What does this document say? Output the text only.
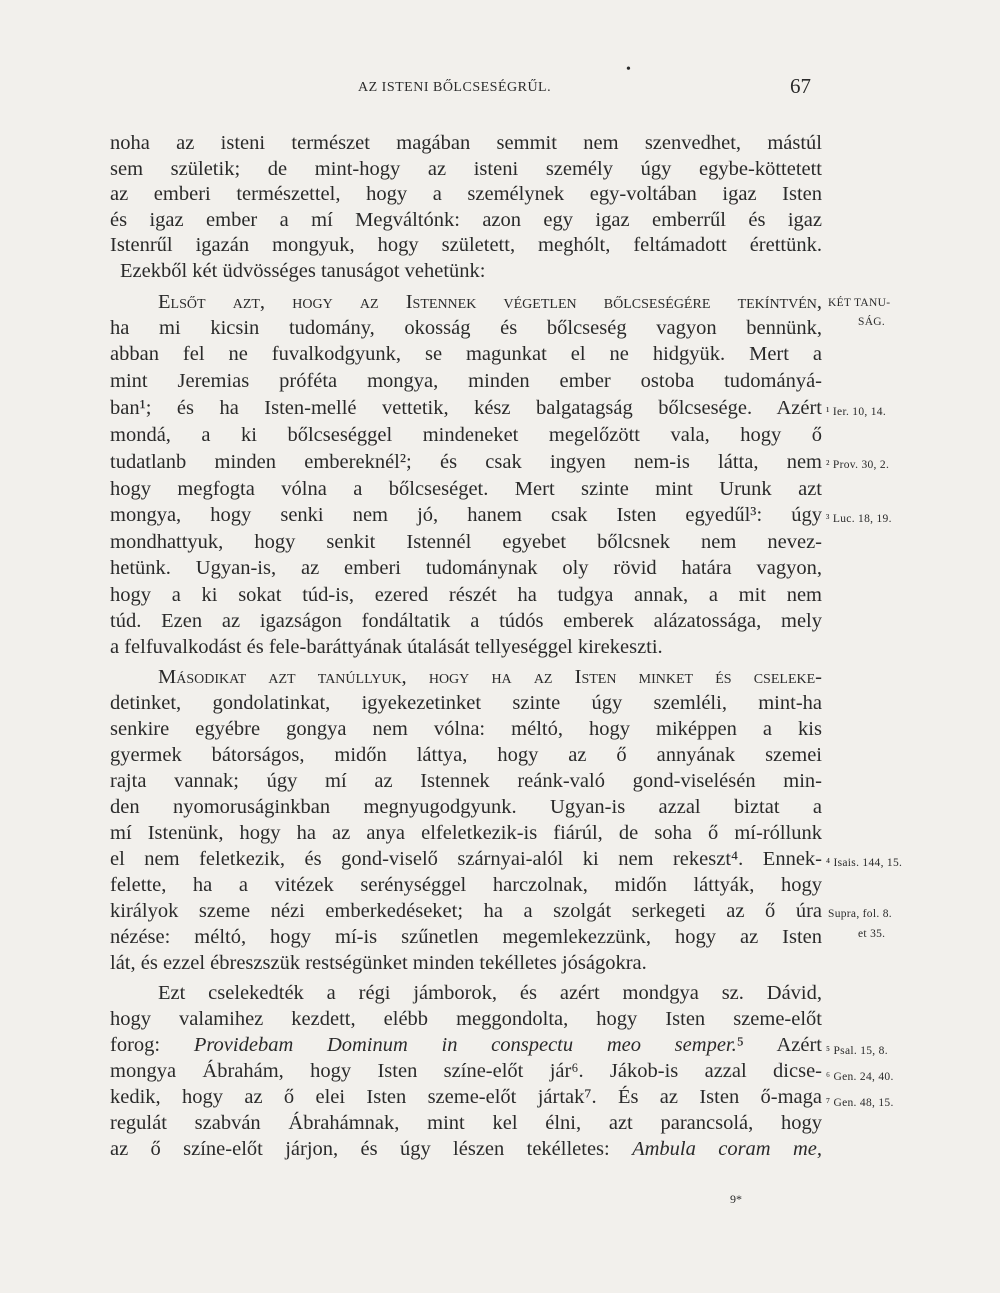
AZ ISTENI BŐLCSESÉGRŰL.
•
67
noha az isteni természet magában semmit nem szenvedhet, mástúl
sem születik; de mint-hogy az isteni személy úgy egybe-köttetett
az emberi természettel, hogy a személynek egy-voltában igaz Isten
és igaz ember a mí Megváltónk: azon egy igaz emberrűl és igaz
Istenrűl igazán mongyuk, hogy született, meghólt, feltámadott érettünk.
Ezekből két üdvösséges tanuságot vehetünk:
Elsőt azt, hogy az Istennek végetlen bőlcseségére tekíntvén,
ha mi kicsin tudomány, okosság és bőlcseség vagyon bennünk,
abban fel ne fuvalkodgyunk, se magunkat el ne hidgyük. Mert a
mint Jeremias próféta mongya, minden ember ostoba tudományá-
ban¹; és ha Isten-mellé vettetik, kész balgatagság bőlcsesége. Azért
mondá, a ki bőlcseséggel mindeneket megelőzött vala, hogy ő
tudatlanb minden embereknél²; és csak ingyen nem-is látta, nem
hogy megfogta vólna a bőlcseséget. Mert szinte mint Urunk azt
mongya, hogy senki nem jó, hanem csak Isten egyedűl³: úgy
mondhattyuk, hogy senkit Istennél egyebet bőlcsnek nem nevez-
hetünk. Ugyan-is, az emberi tudománynak oly rövid határa vagyon,
hogy a ki sokat túd-is, ezered részét ha tudgya annak, a mit nem
túd. Ezen az igazságon fondáltatik a túdós emberek alázatossága, mely
a felfuvalkodást és fele-baráttyának útalását tellyeséggel kirekeszti.
Másodikat azt tanúllyuk, hogy ha az Isten minket és cseleke-
detinket, gondolatinkat, igyekezetinket szinte úgy szemléli, mint-ha
senkire egyébre gongya nem vólna: méltó, hogy miképpen a kis
gyermek bátorságos, midőn láttya, hogy az ő annyának szemei
rajta vannak; úgy mí az Istennek reánk-való gond-viselésén min-
den nyomoruságinkban megnyugodgyunk. Ugyan-is azzal biztat a
mí Istenünk, hogy ha az anya elfeletkezik-is fiárúl, de soha ő mí-róllunk
el nem feletkezik, és gond-viselő szárnyai-alól ki nem rekeszt⁴. Ennek-
felette, ha a vitézek serénységgel harczolnak, midőn láttyák, hogy
királyok szeme nézi emberkedéseket; ha a szolgát serkegeti az ő úra
nézése: méltó, hogy mí-is szűnetlen megemlekezzünk, hogy az Isten
lát, és ezzel ébreszszük restségünket minden tekélletes jóságokra.
Ezt cselekedték a régi jámborok, és azért mondgya sz. Dávid,
hogy valamihez kezdett, elébb meggondolta, hogy Isten szeme-előt
forog: Providebam Dominum in conspectu meo semper.⁵ Azért
mongya Ábrahám, hogy Isten színe-előt jár⁶. Jákob-is azzal dicse-
kedik, hogy az ő elei Isten szeme-előt jártak⁷. És az Isten ő-maga
regulát szabván Ábrahámnak, mint kel élni, azt parancsolá, hogy
az ő színe-előt járjon, és úgy lészen tekélletes: Ambula coram me,
KÉT TANU-
SÁG.
¹ Ier. 10, 14.
² Prov. 30, 2.
³ Luc. 18, 19.
⁴ Isais. 144, 15.
Supra, fol. 8.
et 35.
⁵ Psal. 15, 8.
⁶ Gen. 24, 40.
⁷ Gen. 48, 15.
9*
